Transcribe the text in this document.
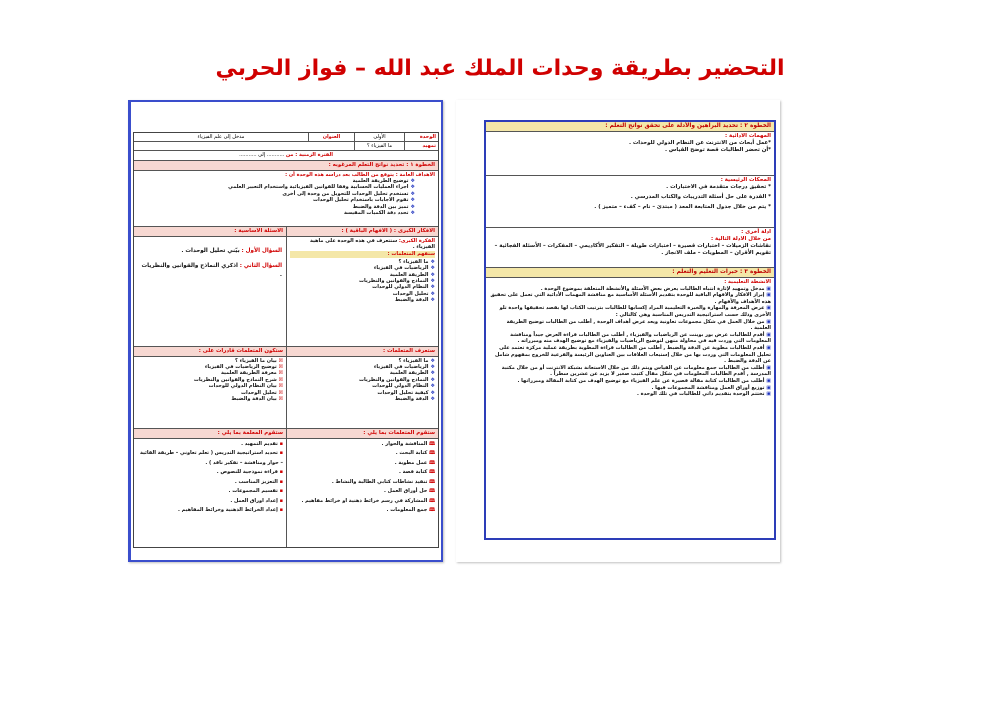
التحضير بطريقة وحدات الملك عبد الله – فواز الحربي
الوحدة
الأولى
العنوان
مدخل إلى علم الفيزياء
تمهيد
ما الفيزياء ؟
الفترة الزمنية : من ........... إلى ...........
الخطوة ١ : تحديد نواتج التعلم المرغوبه :
الاهداف العامة : يتوقع من الطالب بعد دراسه هذه الوحدة أن :
❖توضيح الطريقة العلمية
❖اجراء العمليات الحسابية وفقا للقوانين الفيزيائية واستخدام التعبير العلمي
❖تستخدم تحليل الوحدات للتحويل من وحدة إلى أخرى
❖تقوم الاجابات باستخدام تحليل الوحدات
❖تميز بين الدقة والضبط
❖تحدد دقة الكميات المقيسة
الافكار الكبرى : ( الافهام الباقية ) :
الاسئلة الاساسية :
الفكرة الكبرى: ستتعرف في هذه الوحدة على ماهية الفيزياء .
ستفهم المتعلمات :
❖ما الفيزياء ؟
❖الرياضيات في الفيزياء
❖الطريقة العلمية
❖النماذج والقوانين والنظريات
❖النظام الدولي للوحدات
❖تحليل الوحدات
❖الدقة والضبط
السؤال الأول : بيّني تحليل الوحدات .
السؤال الثاني : اذكري النماذج والقوانين والنظريات .
ستعرف المتعلمات :
ستكون المتعلمات قادرات على :
❖ما الفيزياء ؟
❖الرياضيات في الفيزياء
❖الطريقة العلمية
❖النماذج والقوانين والنظريات
❖النظام الدولي للوحدات
❖كيفية تحليل الوحدات
❖الدقة والضبط
☒ بيان ما الفيزياء ؟
☒ توضيح الرياضيات في الفيزياء
☒ معرفة الطريقة العلمية
☒ شرح النماذج والقوانين والنظريات
☒ بيان النظام الدولي للوحدات
☒ تحليل الوحدات
☒ بيان الدقة والضبط
ستقوم المتعلمات بما يلي :
ستقوم المعلمة بما يلي :
🕮 المناقشة والحوار .
🕮 كتابة البحث .
🕮 عمل مطوية .
🕮 كتابة قصة .
🕮 تنفيذ نشاطات كتابي الطالبة والنشاط .
🕮 حل أوراق العمل .
🕮 المشاركة في رسم خرائط ذهنية او خرائط مفاهيم .
🕮 جمع المعلومات .
▪ تقديم التمهيد .
▪ تحديد استراتيجية التدريس ( تعلم تعاوني – طريقة القائية – حوار ومناقشة – تفكير ناقد ) .
▪ قراءة نموذجية للنصوص .
▪ التعزيز المناسب .
▪ تقسيم المجموعات .
▪ إعداد اوراق العمل .
▪ إعداد الخرائط الذهنية وخرائط المفاهيم .
الخطوة ٢ : تحديد البراهين والأدلة على تحقق نواتج التعلم :
المهمات الادائية :
*عمل أبحاث من الانترنت عن النظام الدولي للوحدات .
*أن تحضر الطالبات قصة توضح القياس .
المحكات الرئيسية :
* تحقيق درجات متقدمة في الاختبارات .
* القدرة على حل أسئلة التدريبات والكتاب المدرسي .
* يتم من خلال جدول المتابعة المعد ( مبتدئ – نام – كفء – متميز ) .
ادلة أخرى :
من خلال الادلة التالية :
نقاشات الزميلات – اختبارات قصيرة – اختبارات طويلة – التفكير الأكاديمي – المفكرات – الأسئلة الفجائية – تقويم الأقران – المطويات – ملف الانجاز .
الخطوة ٣ : خبرات التعليم والتعلم :
الانشطة التعليمية :
▣ مدخل وتمهيد لإثارة انتباه الطالبات يعرض بعض الأسئلة والأنشطة المتعلقة بموضوع الوحدة .
▣ إبراز الافكار والافهام الباقية للوحدة بتقديم الأسئلة الأساسية مع مناقشة المهمات الأدائية التي تعمل على تحقيق هذه الأهداف والأفهام .
▣ عرض المعرفة والمهارة والخبرة التعليمية المراد إكسابها للطالبات بترتيب الكتاب لها بقصد تحقيقها واحدة تلو الأخرى وذلك حسب استراتيجية التدريس المناسبة وهي كالتالي :
▣ من خلال العمل في شكل مجموعات تعاونية ويعد عرض أهداف الوحدة , أطلب من الطالبات توضيح الطريقة العلمية .
▣ أقدم للطالبات عرض بور بوينت عن الرياضيات والفيزياء , أطلب من الطالبات قراءة العرض جيداً ومناقشة المعلومات التي وردت فيه في محاولة منهن لتوضيح الرياضيات والفيزياء مع توضيح الهدف منه ومبرراته .
▣ أقدم للطالبات مطوية عن الدقة والضبط , أطلب من الطالبات قراءة المطوية بطريقة عملية مركزة تعتمد على تحليل المعلومات التي وردت بها من خلال إستيعاب العلاقات بين العناوين الرئيسة والفرعية للخروج بمفهوم شامل عن الدقة والضبط .
▣ أطلب من الطالبات جمع معلومات عن القياس ويتم ذلك من خلال الاستعانة بشبكة الانترنت أو من خلال مكتبة المدرسة , أقدم الطالبات المعلومات في شكل مقال كتيب صغير لا يزيد عن عشرين سطراً .
▣ أطلب من الطالبات كتابة مقالة قصيرة عن علم الفيزياء مع توضيح الهدف من كتابة المقالة ومبرراتها .
▣ توزيع أوراق العمل ومناقشة المجموعات فيها .
▣ تختتم الوحدة بتقديم ذاتي للطالبات في تلك الوحدة .
